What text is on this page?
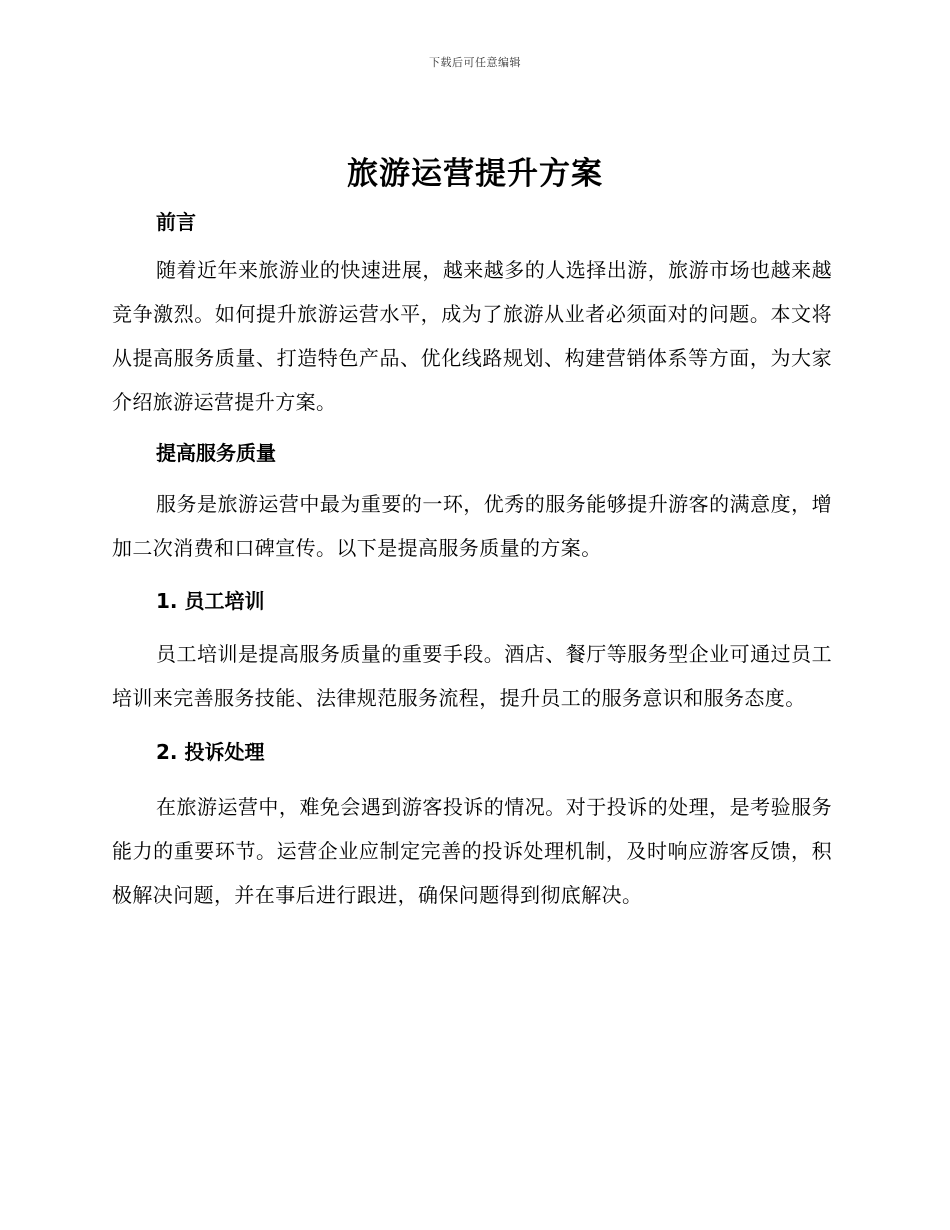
下载后可任意编辑
旅游运营提升方案
前言

随着近年来旅游业的快速进展，越来越多的人选择出游，旅游市场也越来越竞争激烈。如何提升旅游运营水平，成为了旅游从业者必须面对的问题。本文将从提高服务质量、打造特色产品、优化线路规划、构建营销体系等方面，为大家介绍旅游运营提升方案。

提高服务质量

服务是旅游运营中最为重要的一环，优秀的服务能够提升游客的满意度，增加二次消费和口碑宣传。以下是提高服务质量的方案。

1. 员工培训

员工培训是提高服务质量的重要手段。酒店、餐厅等服务型企业可通过员工培训来完善服务技能、法律规范服务流程，提升员工的服务意识和服务态度。

2. 投诉处理

在旅游运营中，难免会遇到游客投诉的情况。对于投诉的处理，是考验服务能力的重要环节。运营企业应制定完善的投诉处理机制，及时响应游客反馈，积极解决问题，并在事后进行跟进，确保问题得到彻底解决。
